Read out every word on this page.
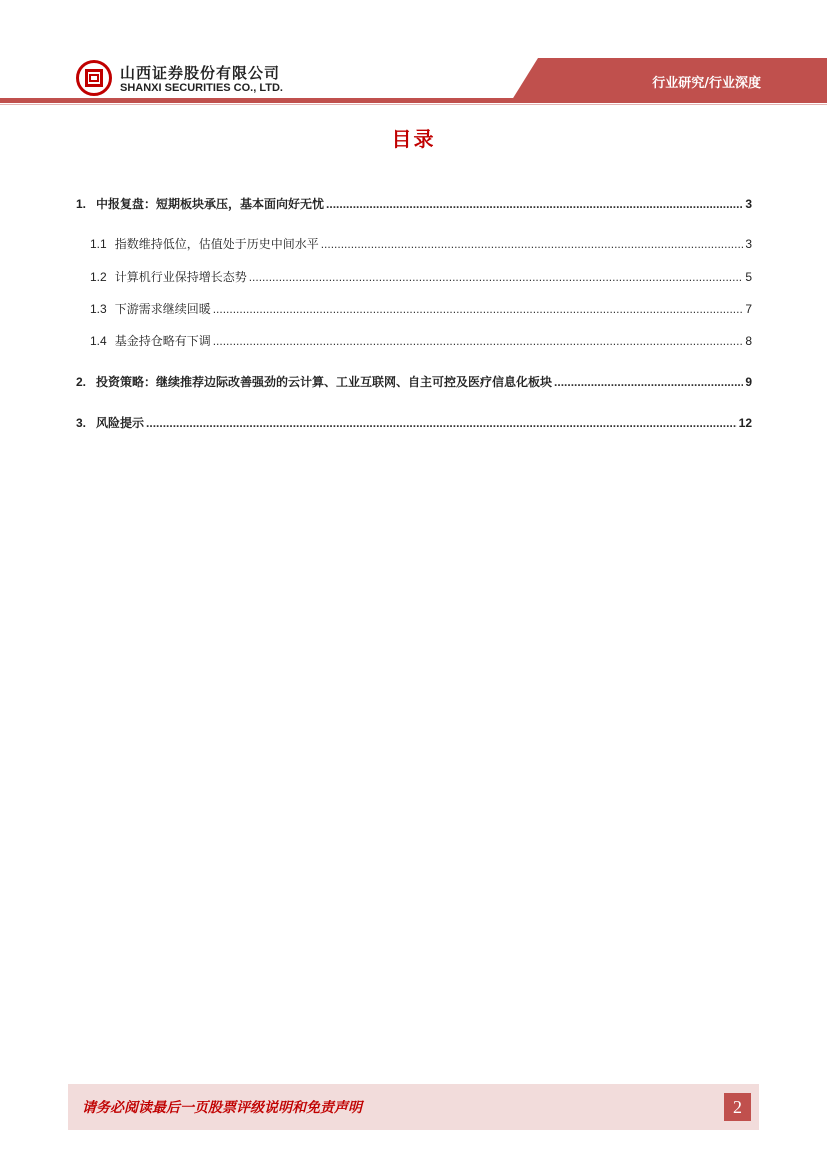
山西证券股份有限公司
SHANXI SECURITIES CO., LTD.	行业研究/行业深度
目录
1. 中报复盘：短期板块承压，基本面向好无忧 .....	3
1.1 指数维持低位，估值处于历史中间水平 .....	3
1.2 计算机行业保持增长态势 .....	5
1.3 下游需求继续回暖 .....	7
1.4 基金持仓略有下调 .....	8
2. 投资策略：继续推荐边际改善强劲的云计算、工业互联网、自主可控及医疗信息化板块 .....	9
3. 风险提示 .....	12
请务必阅读最后一页股票评级说明和免责声明	2
